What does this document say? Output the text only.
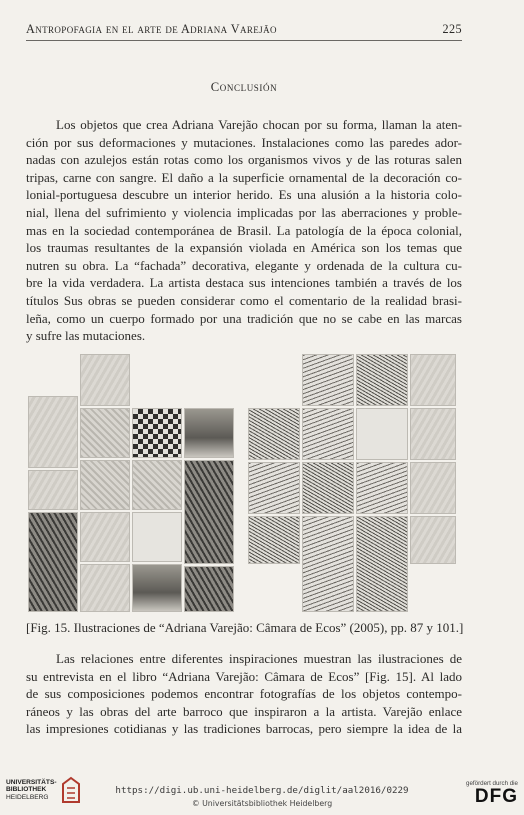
Antropofagia en el arte de Adriana Varejão	225
Conclusión
Los objetos que crea Adriana Varejão chocan por su forma, llaman la aten-
ción por sus deformaciones y mutaciones. Instalaciones como las paredes ador-
nadas con azulejos están rotas como los organismos vivos y de las roturas salen
tripas, carne con sangre. El daño a la superficie ornamental de la decoración co-
lonial-portuguesa descubre un interior herido. Es una alusión a la historia colo-
nial, llena del sufrimiento y violencia implicadas por las aberraciones y proble-
mas en la sociedad contemporánea de Brasil. La patología de la época colonial,
los traumas resultantes de la expansión violada en América son los temas que
nutren su obra. La “fachada” decorativa, elegante y ordenada de la cultura cu-
bre la vida verdadera. La artista destaca sus intenciones también a través de los
títulos Sus obras se pueden considerar como el comentario de la realidad brasi-
leña, como un cuerpo formado por una tradición que no se cabe en las marcas
y sufre las mutaciones.
[Fig. 15. Ilustraciones de “Adriana Varejão: Câmara de Ecos” (2005), pp. 87 y 101.]
Las relaciones entre diferentes inspiraciones muestran las ilustraciones de
su entrevista en el libro “Adriana Varejão: Câmara de Ecos” [Fig. 15]. Al lado
de sus composiciones podemos encontrar fotografías de los objetos contempo-
ráneos y las obras del arte barroco que inspiraron a la artista. Varejão enlace
las impresiones cotidianas y las tradiciones barrocas, pero siempre la idea de la
UNIVERSITÄTS-
BIBLIOTHEK
HEIDELBERG
https://digi.ub.uni-heidelberg.de/diglit/aal2016/0229
© Universitätsbibliothek Heidelberg
gefördert durch die
DFG
